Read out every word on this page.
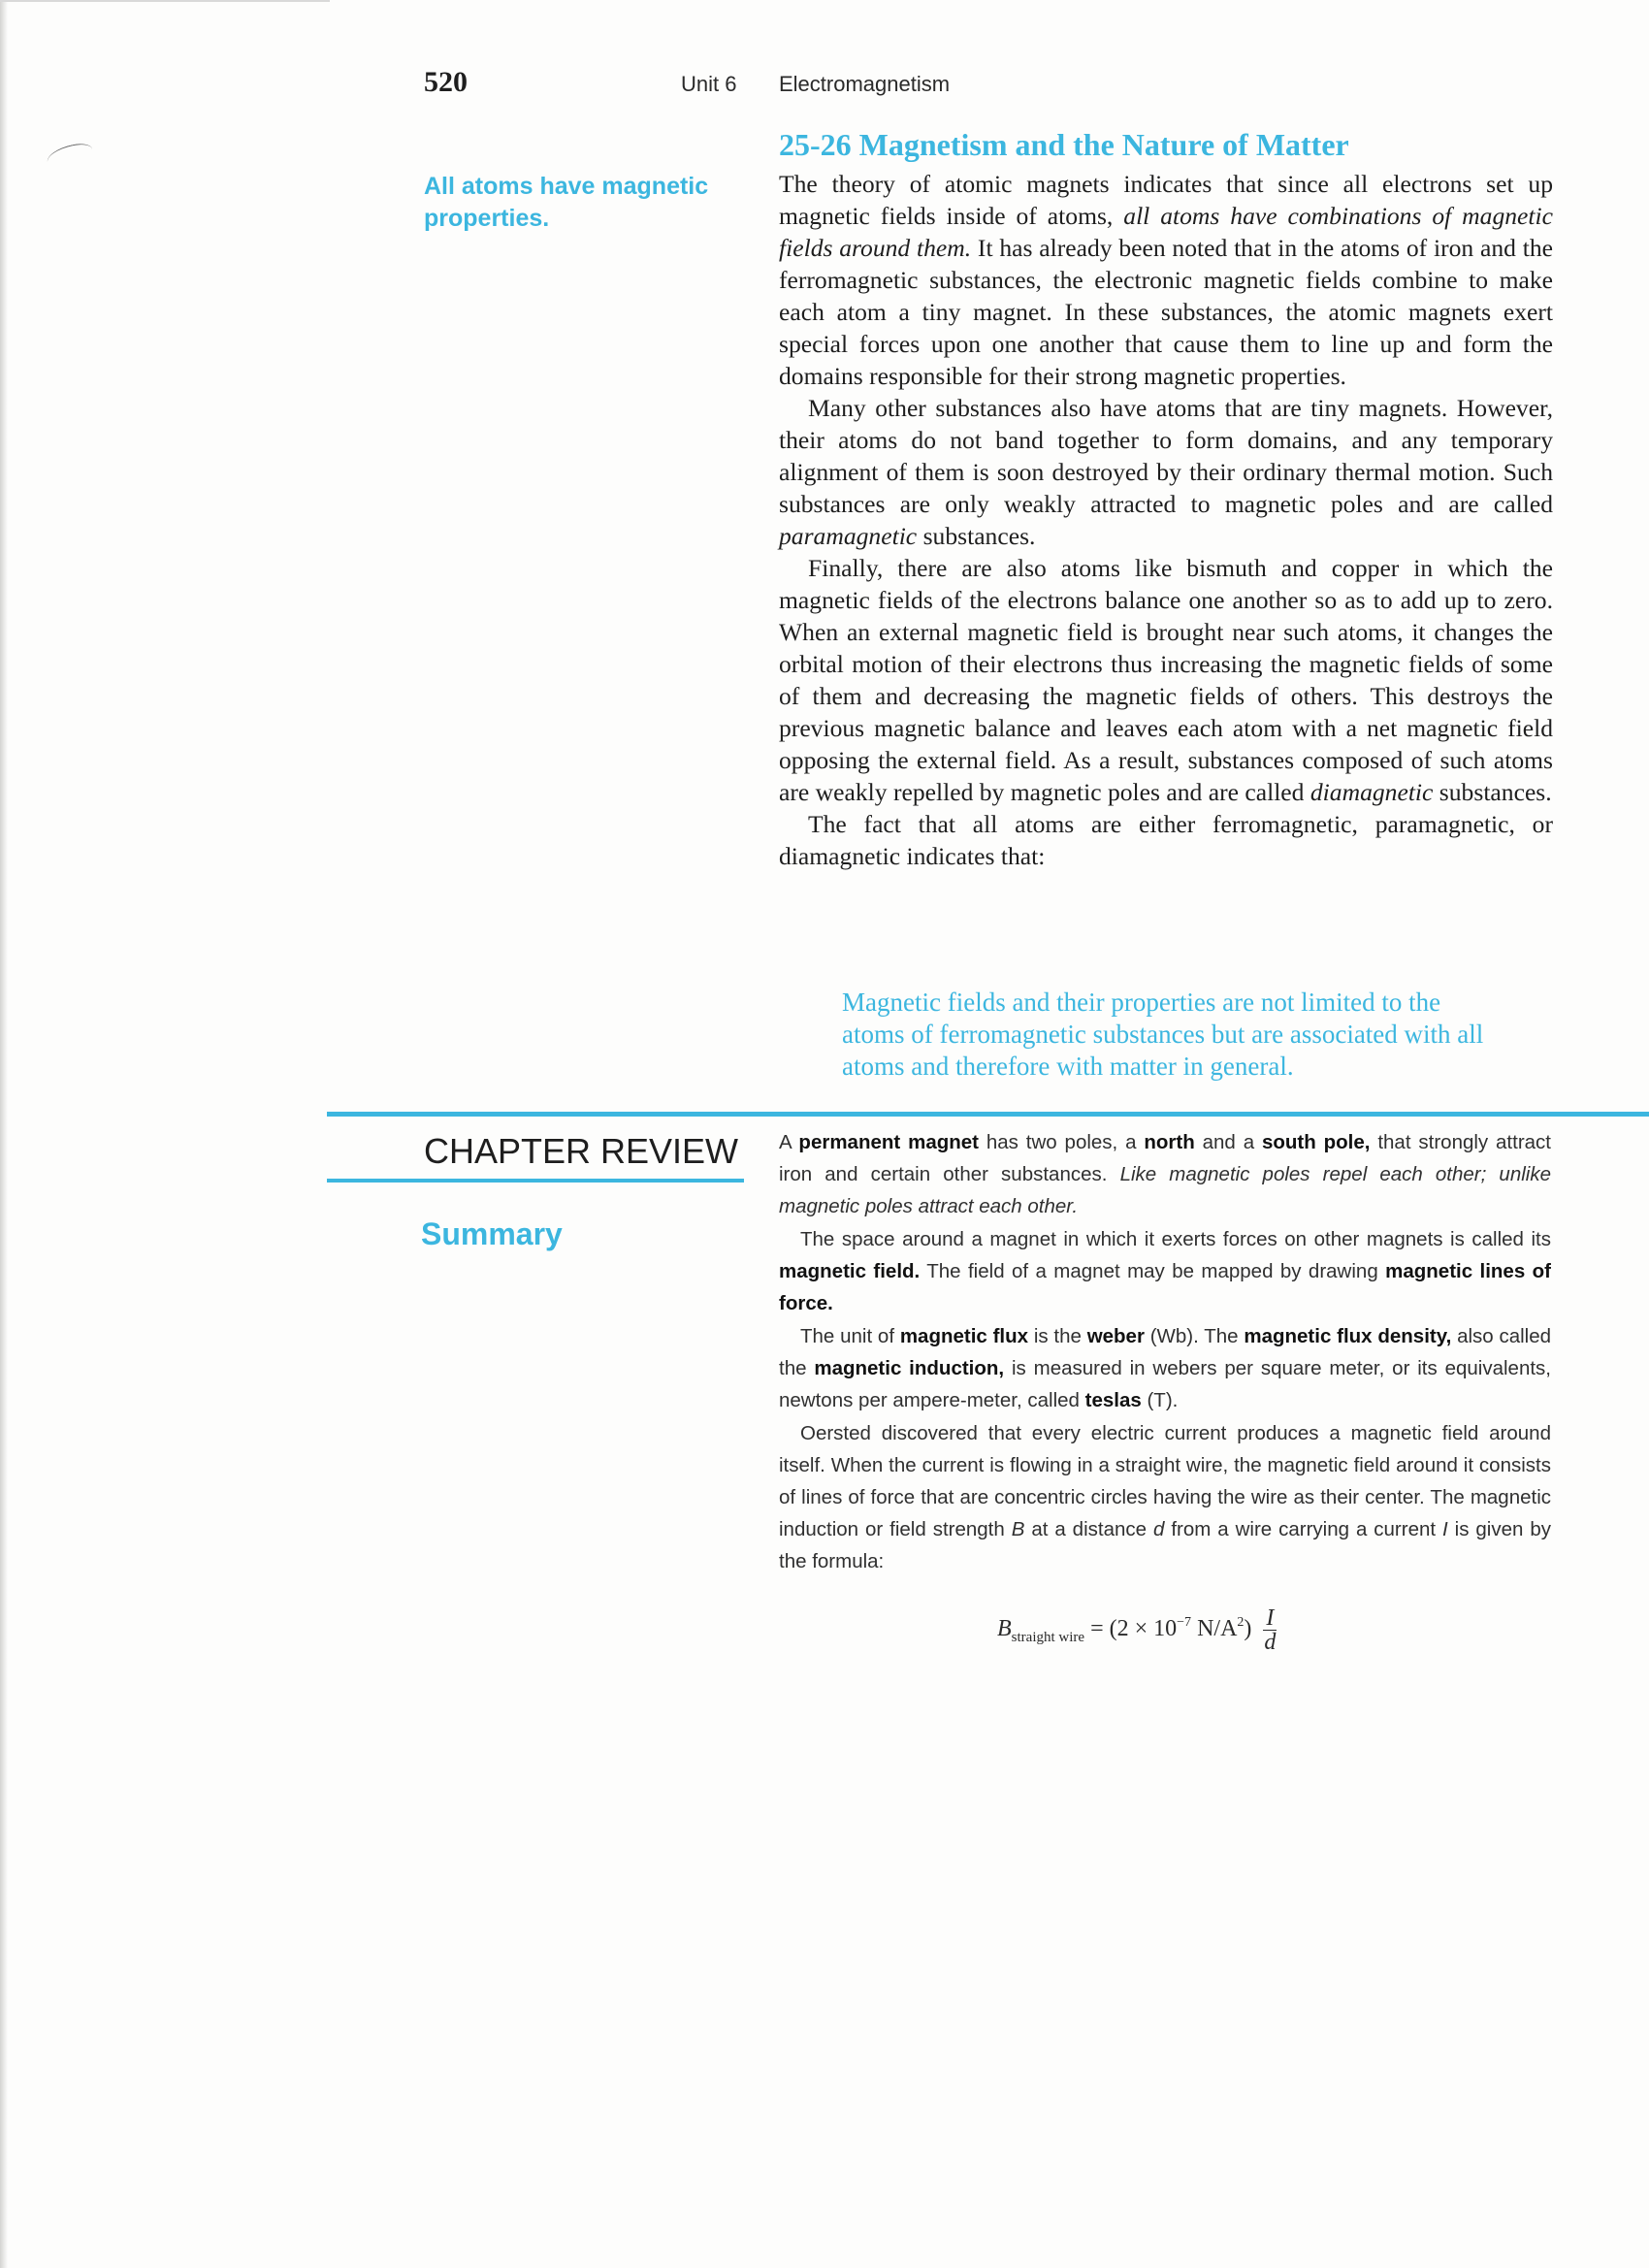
520	Unit 6 Electromagnetism
25-26 Magnetism and the Nature of Matter

All atoms have magnetic properties.

The theory of atomic magnets indicates that since all electrons set up magnetic fields inside of atoms, all atoms have combinations of magnetic fields around them. It has already been noted that in the atoms of iron and the ferromagnetic substances, the electronic magnetic fields combine to make each atom a tiny magnet. In these substances, the atomic magnets exert special forces upon one another that cause them to line up and form the domains responsible for their strong magnetic properties.

Many other substances also have atoms that are tiny magnets. However, their atoms do not band together to form domains, and any temporary alignment of them is soon destroyed by their ordinary thermal motion. Such substances are only weakly attracted to magnetic poles and are called paramagnetic substances.

Finally, there are also atoms like bismuth and copper in which the magnetic fields of the electrons balance one another so as to add up to zero. When an external magnetic field is brought near such atoms, it changes the orbital motion of their electrons thus increasing the magnetic fields of some of them and decreasing the magnetic fields of others. This destroys the previous magnetic balance and leaves each atom with a net magnetic field opposing the external field. As a result, substances composed of such atoms are weakly repelled by magnetic poles and are called diamagnetic substances.

The fact that all atoms are either ferromagnetic, paramagnetic, or diamagnetic indicates that:

Magnetic fields and their properties are not limited to the atoms of ferromagnetic substances but are associated with all atoms and therefore with matter in general.

CHAPTER REVIEW
Summary

A permanent magnet has two poles, a north and a south pole, that strongly attract iron and certain other substances. Like magnetic poles repel each other; unlike magnetic poles attract each other.

The space around a magnet in which it exerts forces on other magnets is called its magnetic field. The field of a magnet may be mapped by drawing magnetic lines of force.

The unit of magnetic flux is the weber (Wb). The magnetic flux density, also called the magnetic induction, is measured in webers per square meter, or its equivalents, newtons per ampere-meter, called teslas (T).

Oersted discovered that every electric current produces a magnetic field around itself. When the current is flowing in a straight wire, the magnetic field around it consists of lines of force that are concentric circles having the wire as their center. The magnetic induction or field strength B at a distance d from a wire carrying a current I is given by the formula:

$B_{straight wire} = (2 \times 10^{-7}$ $N/A^2) \frac{I}{d}$
